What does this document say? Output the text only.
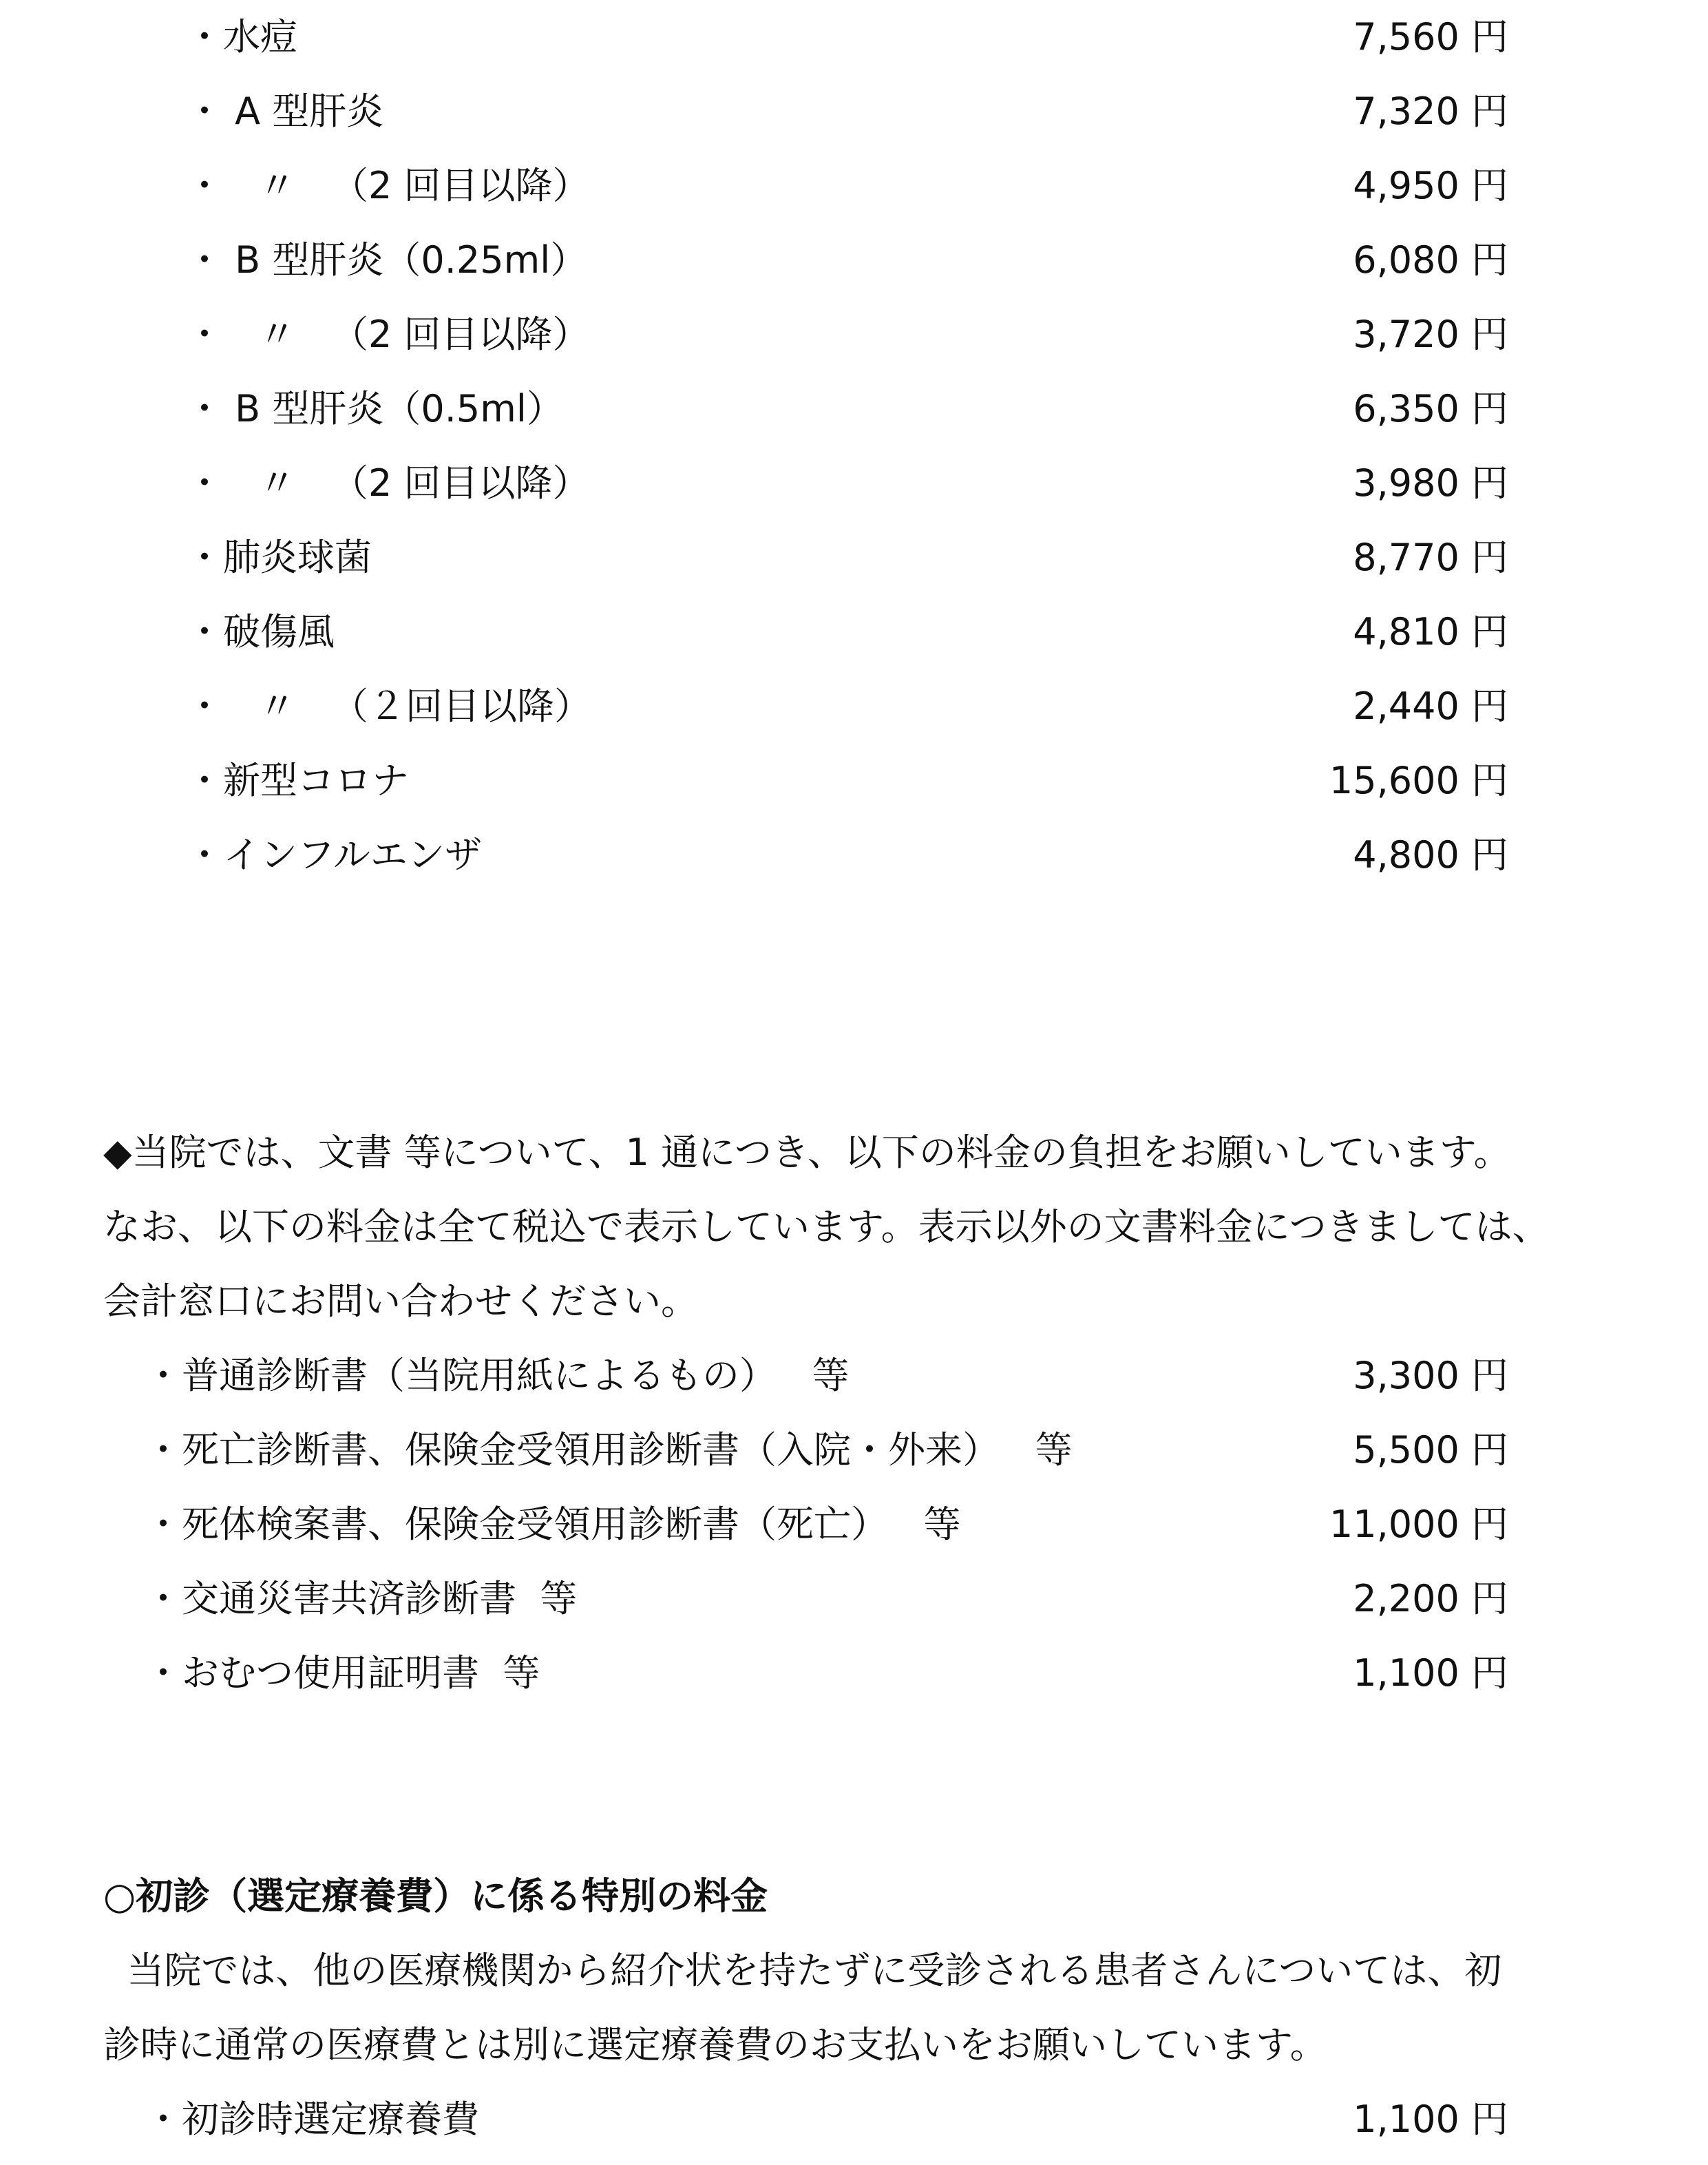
・水痘	7,560 円
・ A 型肝炎	7,320 円
・   〃   （2 回目以降）	4,950 円
・ B 型肝炎（0.25ml）	6,080 円
・   〃   （2 回目以降）	3,720 円
・ B 型肝炎（0.5ml）	6,350 円
・   〃   （2 回目以降）	3,980 円
・肺炎球菌	8,770 円
・破傷風	4,810 円
・   〃   （２回目以降）	2,440 円
・新型コロナ	15,600 円
・インフルエンザ	4,800 円
◆当院では、文書 等について、1 通につき、以下の料金の負担をお願いしています。
なお、以下の料金は全て税込で表示しています。表示以外の文書料金につきましては、
会計窓口にお問い合わせください。
・普通診断書（当院用紙によるもの）   等	3,300 円
・死亡診断書、保険金受領用診断書（入院・外来）   等	5,500 円
・死体検案書、保険金受領用診断書（死亡）   等	11,000 円
・交通災害共済診断書  等	2,200 円
・おむつ使用証明書  等	1,100 円
○初診（選定療養費）に係る特別の料金
当院では、他の医療機関から紹介状を持たずに受診される患者さんについては、初
診時に通常の医療費とは別に選定療養費のお支払いをお願いしています。
・初診時選定療養費	1,100 円
